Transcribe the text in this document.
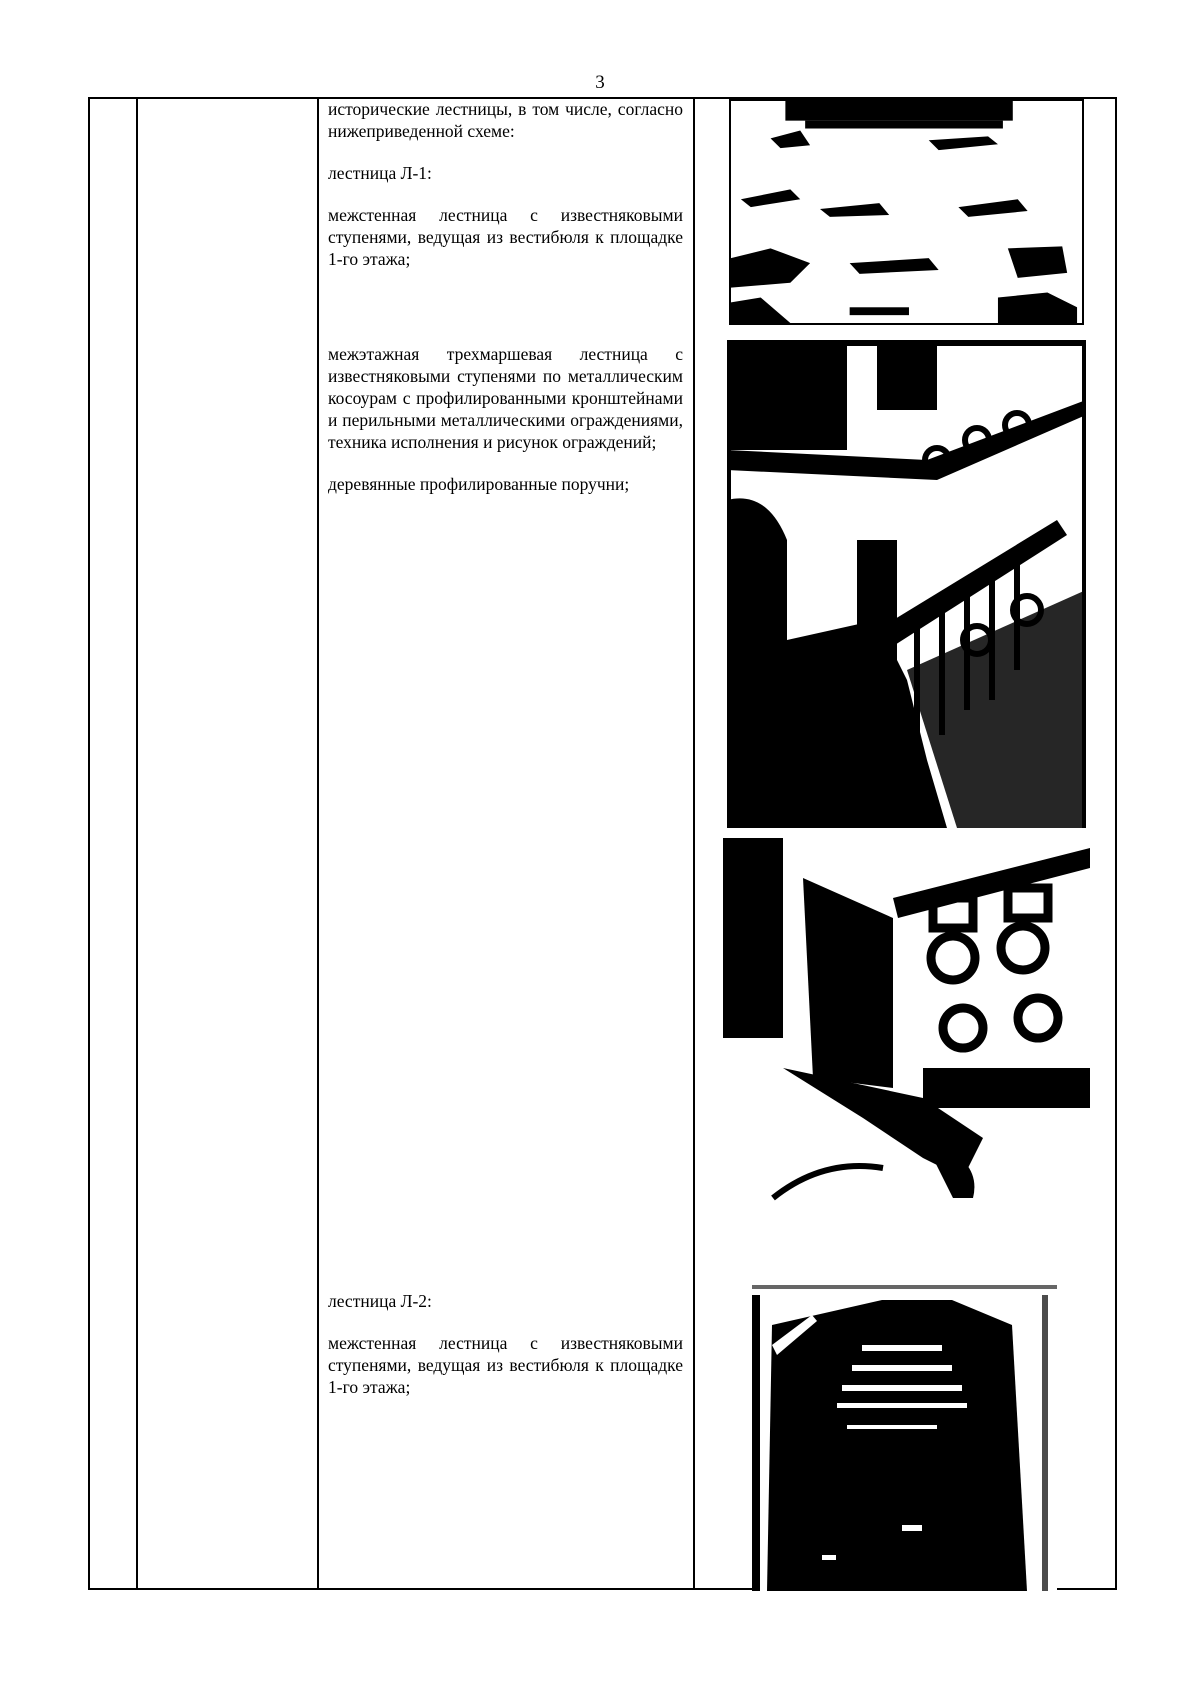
3

исторические лестницы, в том числе, согласно нижеприведенной схеме:

лестница Л-1:

межстенная лестница с известняковыми ступенями, ведущая из вестибюля к площадке 1-го этажа;

межэтажная трехмаршевая лестница с известняковыми ступенями по металлическим косоурам с профилированными кронштейнами и перильными металлическими ограждениями, техника исполнения и рисунок ограждений;

деревянные профилированные поручни;

лестница Л-2:

межстенная лестница с известняковыми ступенями, ведущая из вестибюля к площадке 1-го этажа;
